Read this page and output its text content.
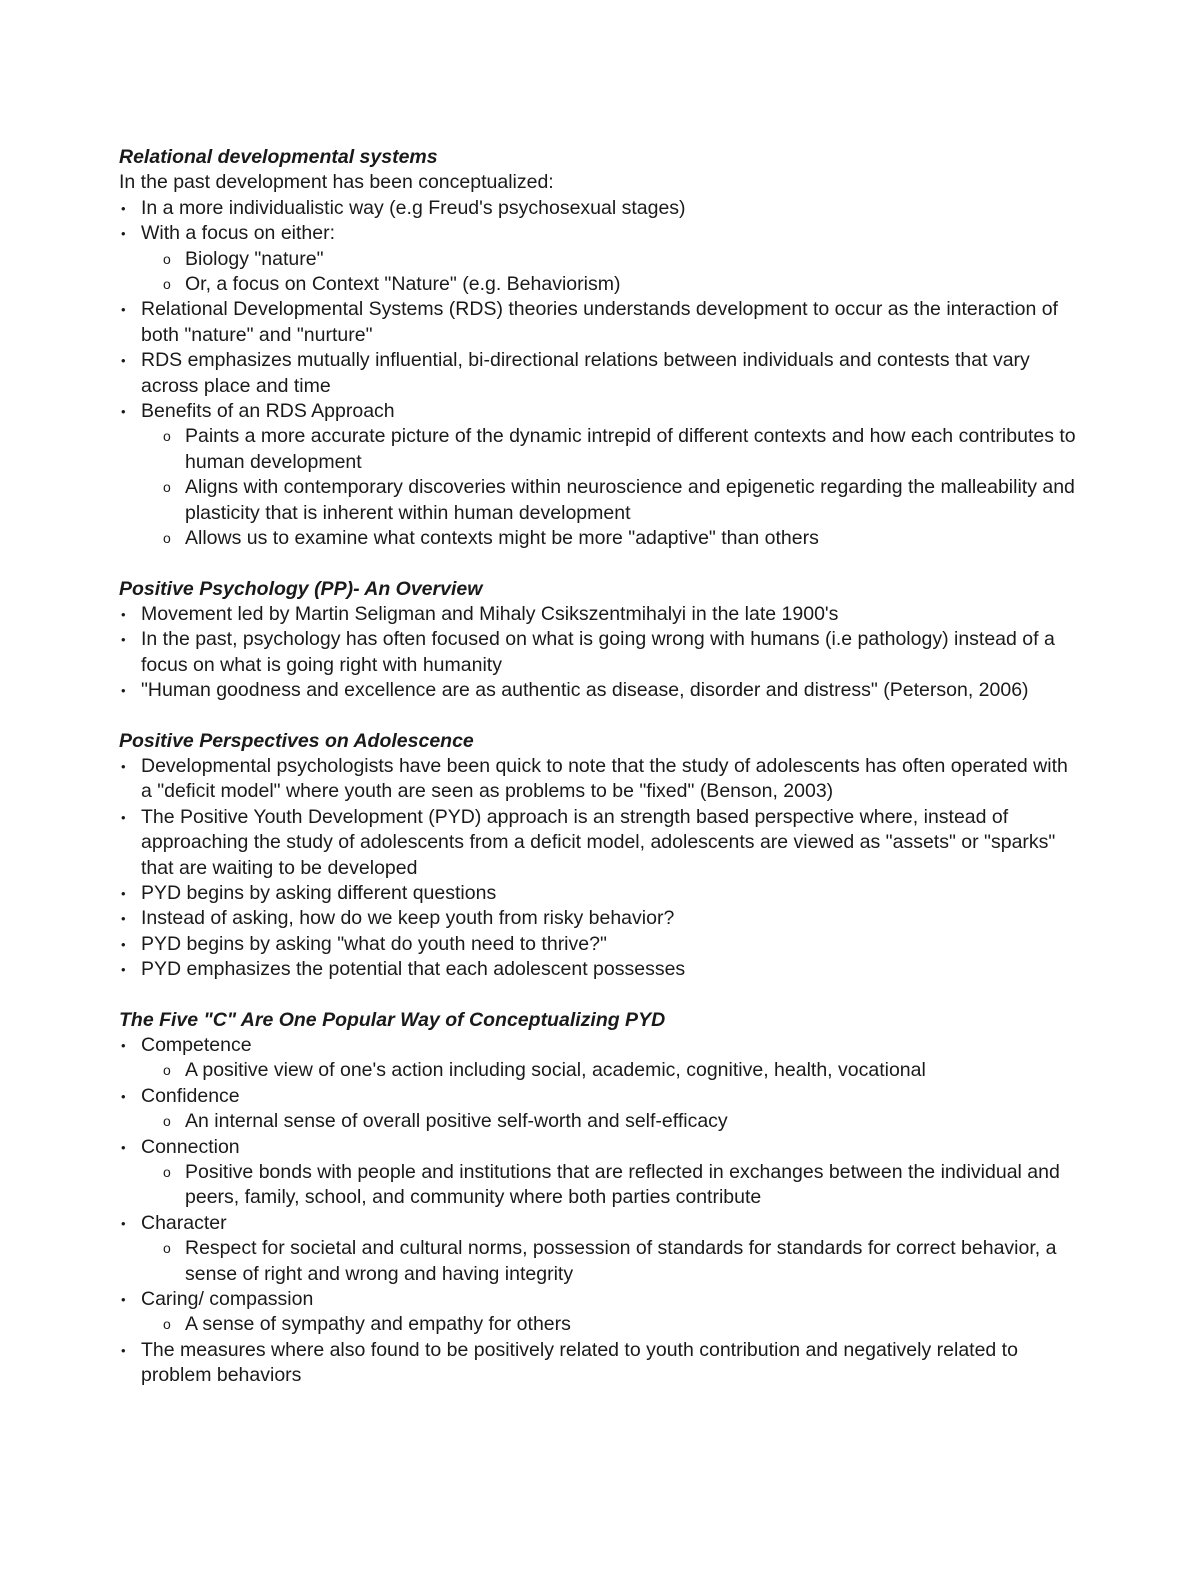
Relational developmental systems

In the past development has been conceptualized:

• In a more individualistic way (e.g Freud's psychosexual stages)
• With a focus on either:
o Biology "nature"
o Or, a focus on Context "Nature" (e.g. Behaviorism)
• Relational Developmental Systems (RDS) theories understands development to occur as the interaction of both "nature" and "nurture"
• RDS emphasizes mutually influential, bi-directional relations between individuals and contests that vary across place and time
• Benefits of an RDS Approach
o Paints a more accurate picture of the dynamic intrepid of different contexts and how each contributes to human development
o Aligns with contemporary discoveries within neuroscience and epigenetic regarding the malleability and plasticity that is inherent within human development
o Allows us to examine what contexts might be more "adaptive" than others

Positive Psychology (PP)- An Overview

• Movement led by Martin Seligman and Mihaly Csikszentmihalyi in the late 1900's
• In the past, psychology has often focused on what is going wrong with humans (i.e pathology) instead of a focus on what is going right with humanity
• "Human goodness and excellence are as authentic as disease, disorder and distress" (Peterson, 2006)

Positive Perspectives on Adolescence

• Developmental psychologists have been quick to note that the study of adolescents has often operated with a "deficit model" where youth are seen as problems to be "fixed" (Benson, 2003)
• The Positive Youth Development (PYD) approach is an strength based perspective where, instead of approaching the study of adolescents from a deficit model, adolescents are viewed as "assets" or "sparks" that are waiting to be developed
• PYD begins by asking different questions
• Instead of asking, how do we keep youth from risky behavior?
• PYD begins by asking "what do youth need to thrive?"
• PYD emphasizes the potential that each adolescent possesses

The Five "C" Are One Popular Way of Conceptualizing PYD

• Competence
o A positive view of one's action including social, academic, cognitive, health, vocational
• Confidence
o An internal sense of overall positive self-worth and self-efficacy
• Connection
o Positive bonds with people and institutions that are reflected in exchanges between the individual and peers, family, school, and community where both parties contribute
• Character
o Respect for societal and cultural norms, possession of standards for standards for correct behavior, a sense of right and wrong and having integrity
• Caring/ compassion
o A sense of sympathy and empathy for others
• The measures where also found to be positively related to youth contribution and negatively related to problem behaviors
